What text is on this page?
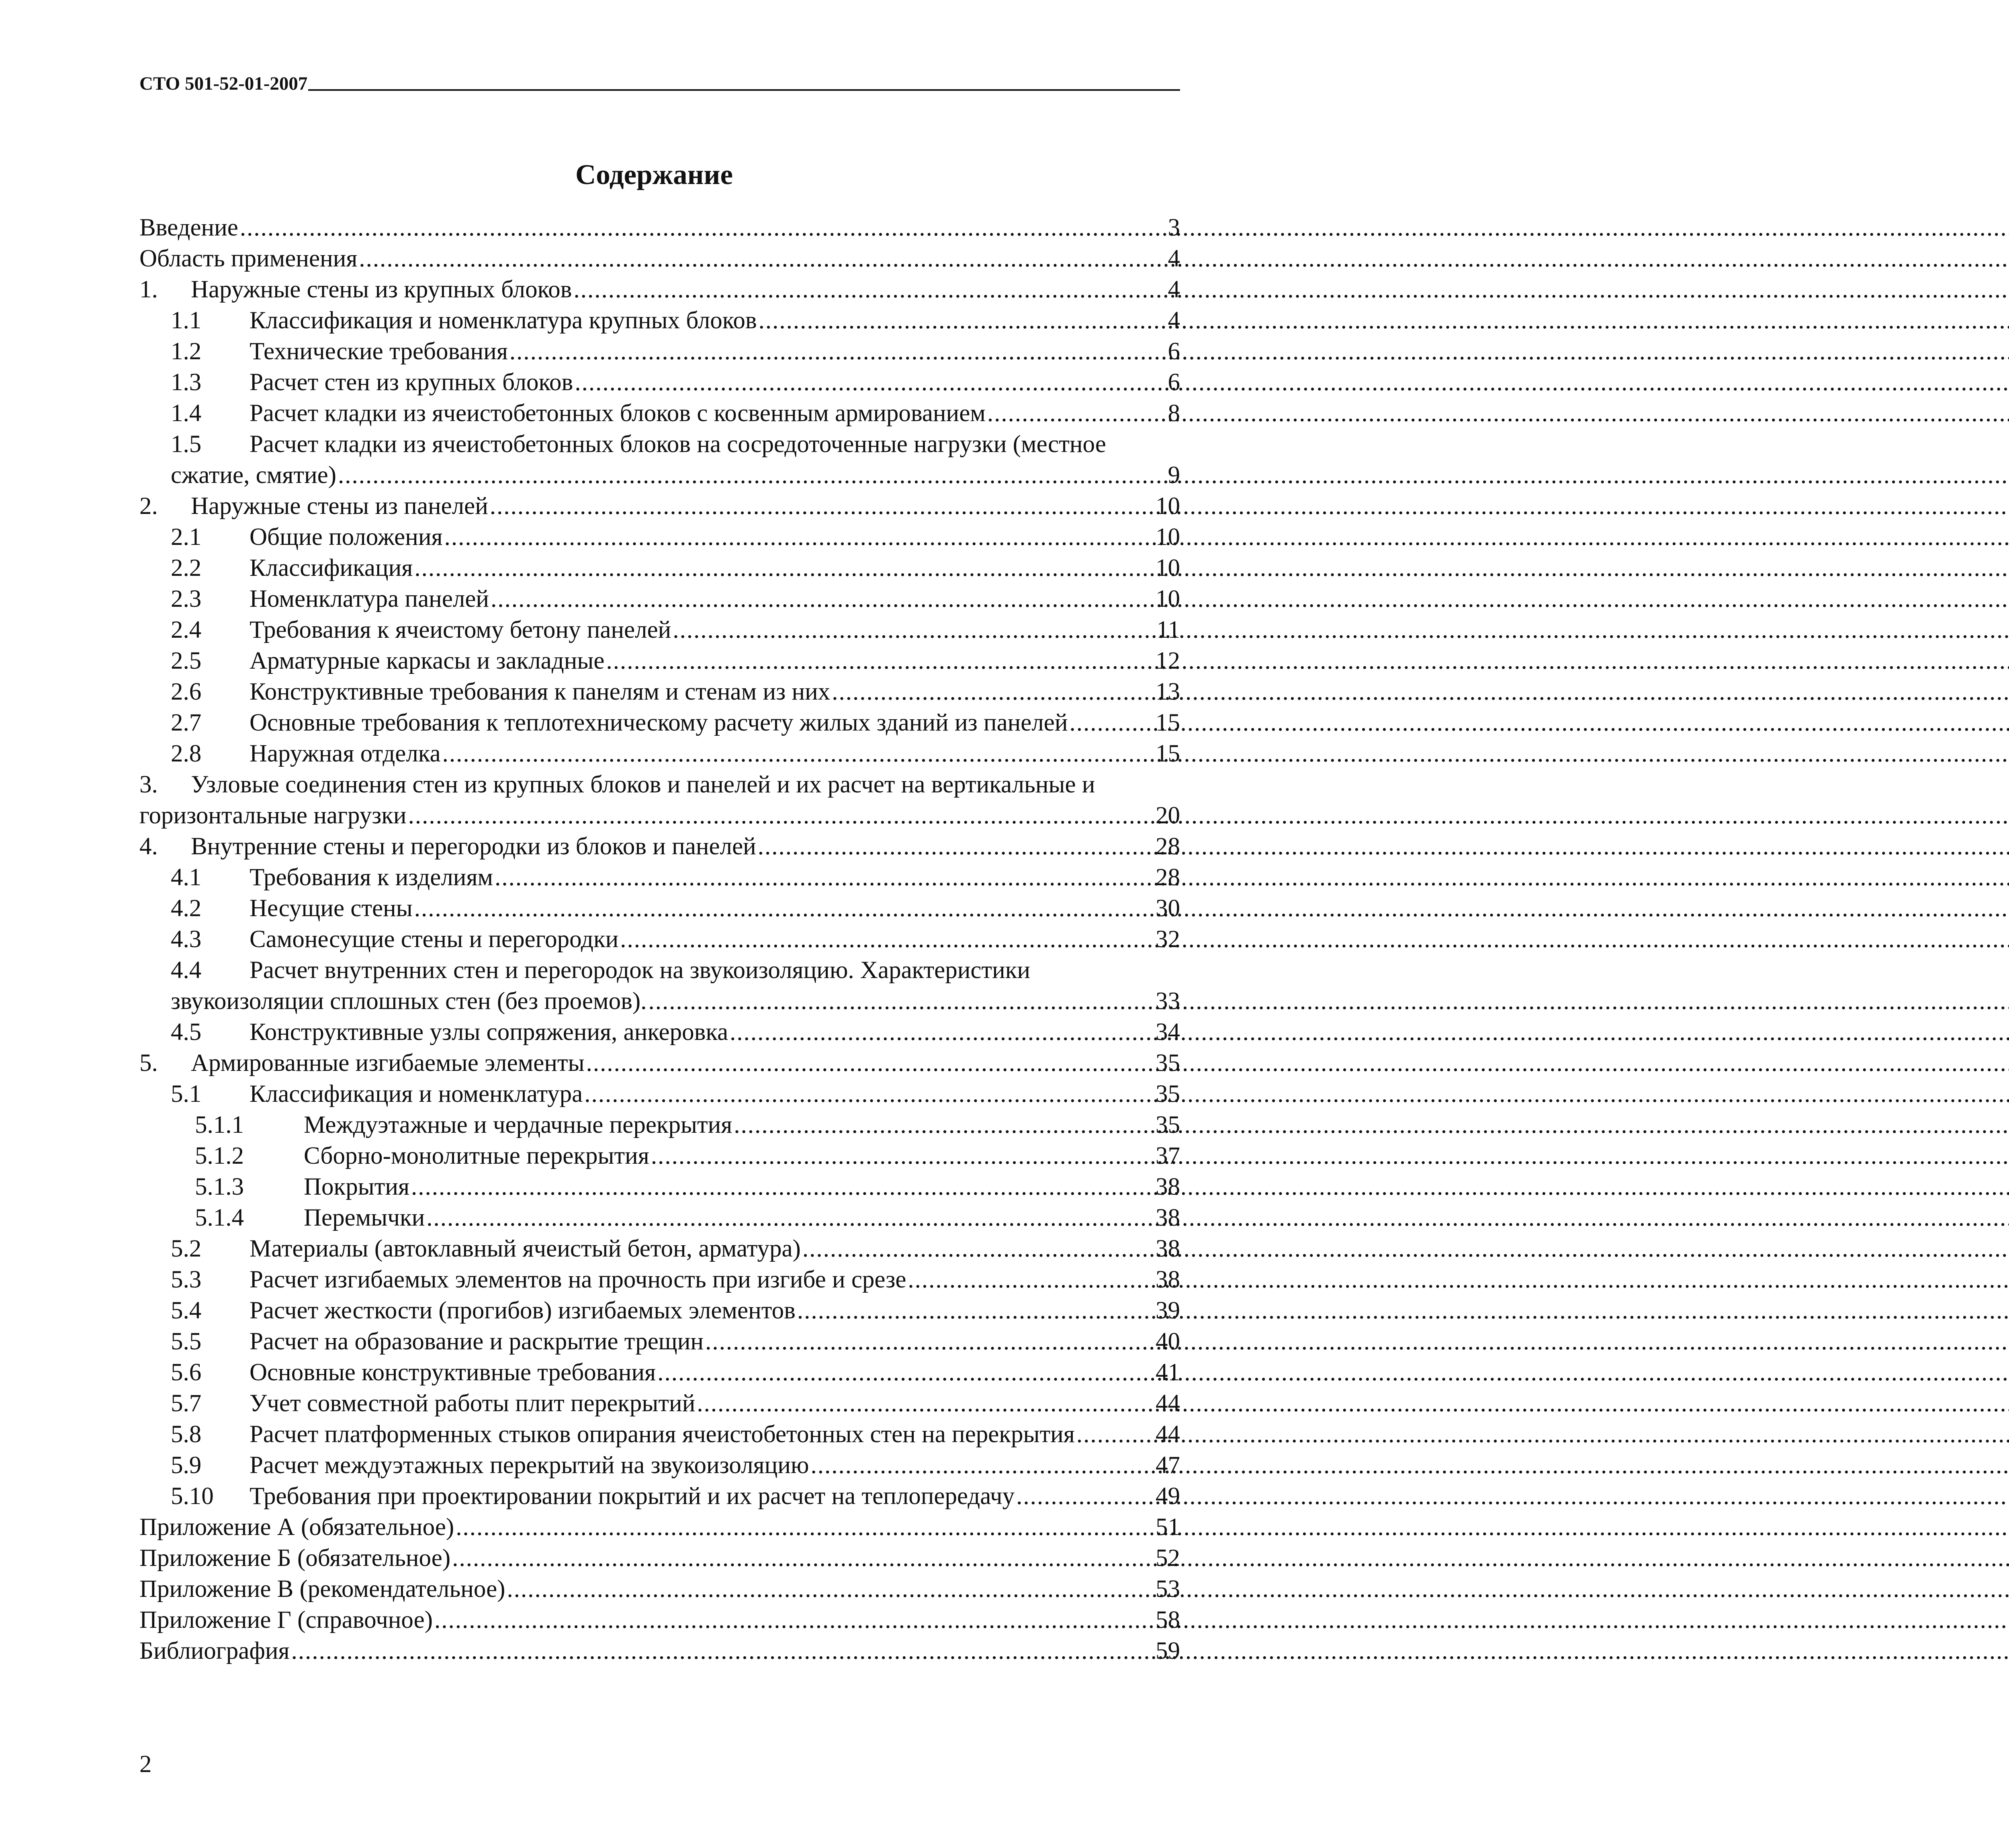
СТО 501-52-01-2007
Содержание
Введение .....	3
Область применения .....	4
1.	Наружные стены из крупных блоков .....	4
1.1	Классификация и номенклатура крупных блоков .....	4
1.2	Технические требования .....	6
1.3	Расчет стен из крупных блоков .....	6
1.4	Расчет кладки из ячеистобетонных блоков с косвенным армированием .....	8
1.5	Расчет кладки из ячеистобетонных блоков на сосредоточенные нагрузки (местное
сжатие, смятие) .....	9
2.	Наружные стены из панелей .....	10
2.1	Общие положения .....	10
2.2	Классификация .....	10
2.3	Номенклатура панелей .....	10
2.4	Требования к ячеистому бетону панелей .....	11
2.5	Арматурные каркасы и закладные .....	12
2.6	Конструктивные требования к панелям и стенам из них .....	13
2.7	Основные требования к теплотехническому расчету жилых зданий из панелей .....	15
2.8	Наружная отделка .....	15
3.	Узловые соединения стен из крупных блоков и панелей и их расчет на вертикальные и
горизонтальные нагрузки .....	20
4.	Внутренние стены и перегородки из блоков и панелей .....	28
4.1	Требования к изделиям .....	28
4.2	Несущие стены .....	30
4.3	Самонесущие стены и перегородки .....	32
4.4	Расчет внутренних стен и перегородок на звукоизоляцию. Характеристики
звукоизоляции сплошных стен (без проемов). .....	33
4.5	Конструктивные узлы сопряжения, анкеровка .....	34
5.	Армированные изгибаемые элементы .....	35
5.1	Классификация и номенклатура .....	35
5.1.1	Междуэтажные и чердачные перекрытия .....	35
5.1.2	Сборно-монолитные перекрытия .....	37
5.1.3	Покрытия .....	38
5.1.4	Перемычки .....	38
5.2	Материалы (автоклавный ячеистый бетон, арматура) .....	38
5.3	Расчет изгибаемых элементов на прочность при изгибе и срезе .....	38
5.4	Расчет жесткости (прогибов) изгибаемых элементов .....	39
5.5	Расчет на образование и раскрытие трещин .....	40
5.6	Основные конструктивные требования .....	41
5.7	Учет совместной работы плит перекрытий .....	44
5.8	Расчет платформенных стыков опирания ячеистобетонных стен на перекрытия .....	44
5.9	Расчет междуэтажных перекрытий на звукоизоляцию .....	47
5.10	Требования при проектировании покрытий и их расчет на теплопередачу .....	49
Приложение А (обязательное) .....	51
Приложение Б (обязательное) .....	52
Приложение В (рекомендательное) .....	53
Приложение Г (справочное) .....	58
Библиография .....	59
2
